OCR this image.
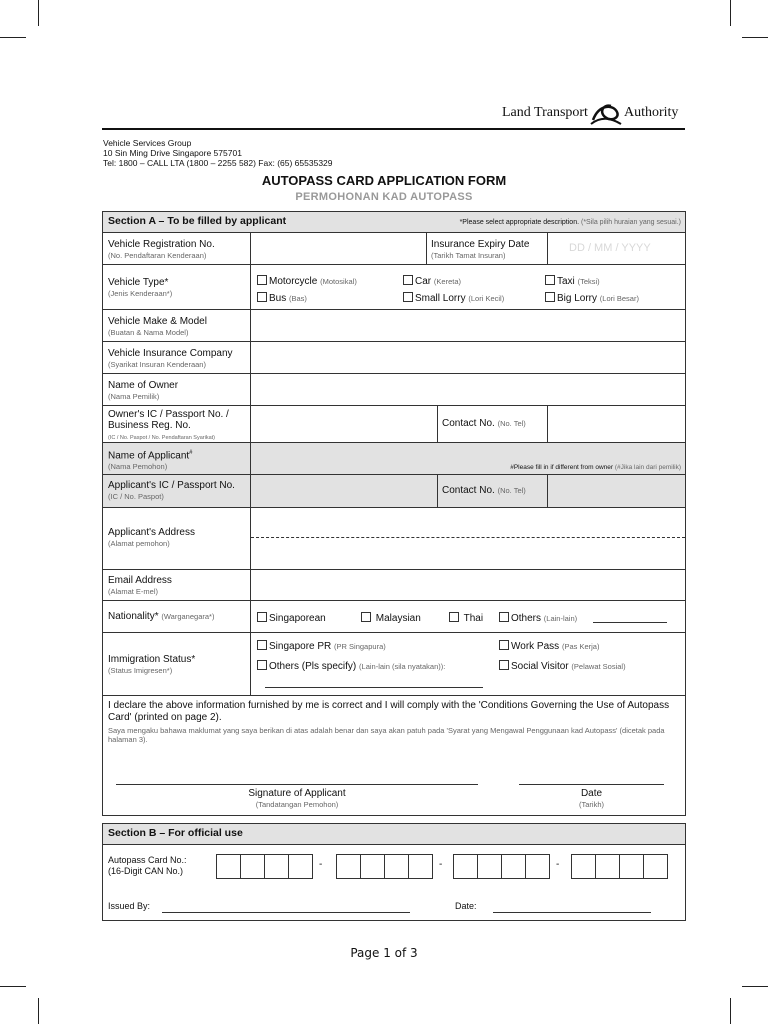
Land Transport	Authority
Vehicle Services Group
10 Sin Ming Drive Singapore 575701
Tel: 1800 – CALL LTA (1800 – 2255 582) Fax: (65) 65535329
AUTOPASS CARD APPLICATION FORM
PERMOHONAN KAD AUTOPASS
Section A – To be filled by applicant	*Please select appropriate description. (*Sila pilih huraian yang sesuai.)
Vehicle Registration No.
(No. Pendaftaran Kenderaan)
Insurance Expiry Date
(Tarikh Tamat Insuran)
DD / MM / YYYY
Vehicle Type*
(Jenis Kenderaan*)
Motorcycle (Motosikal)	Car (Kereta)	Taxi (Teksi)
Bus (Bas)	Small Lorry (Lori Kecil)	Big Lorry (Lori Besar)
Vehicle Make & Model
(Buatan & Nama Model)
Vehicle Insurance Company
(Syarikat Insuran Kenderaan)
Name of Owner
(Nama Pemilik)
Owner's IC / Passport No. /
Business Reg. No.
(IC / No. Paspot / No. Pendaftaran Syarikat)
Contact No. (No. Tel)
Name of Applicant#
(Nama Pemohon)	#Please fill in if different from owner (#Jika lain dari pemilik)
Applicant's IC / Passport No.
(IC / No. Paspot)
Contact No. (No. Tel)
Applicant's Address
(Alamat pemohon)
Email Address
(Alamat E-mel)
Nationality* (Warganegara*)	Singaporean	Malaysian	Thai	Others (Lain-lain)
Immigration Status*
(Status Imigresen*)
Singapore PR (PR Singapura)	Work Pass (Pas Kerja)
Others (Pls specify) (Lain-lain (sila nyatakan)):	Social Visitor (Pelawat Sosial)
I declare the above information furnished by me is correct and I will comply with the 'Conditions Governing the Use of Autopass Card' (printed on page 2).
Saya mengaku bahawa maklumat yang saya berikan di atas adalah benar dan saya akan patuh pada 'Syarat yang Mengawal Penggunaan kad Autopass' (dicetak pada halaman 3).
Signature of Applicant
(Tandatangan Pemohon)
Date
(Tarikh)
Section B – For official use
Autopass Card No.:
(16-Digit CAN No.)
-	-	-
Issued By:	Date:
Page 1 of 3
